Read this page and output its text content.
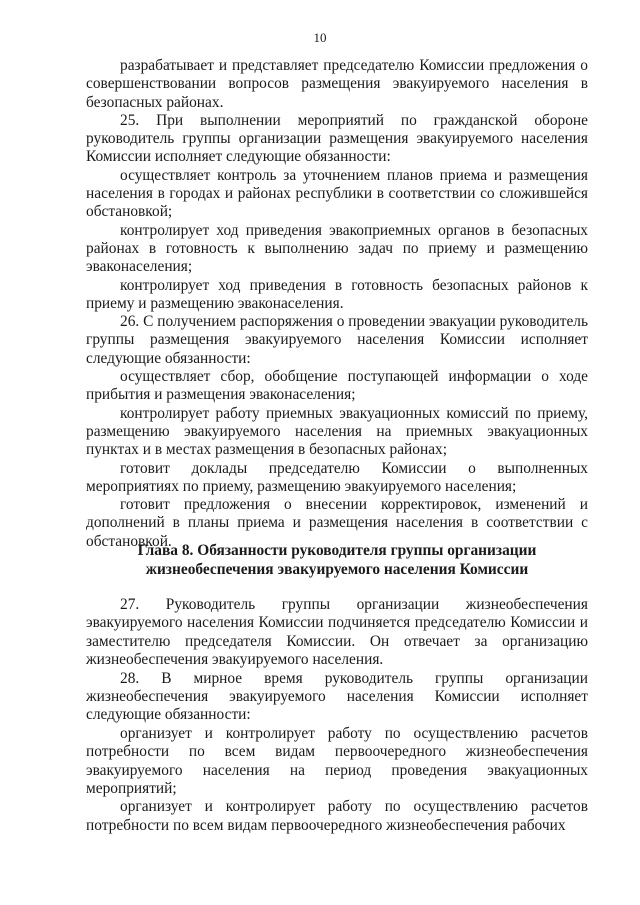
10

разрабатывает и представляет председателю Комиссии предложения о совершенствовании вопросов размещения эвакуируемого населения в безопасных районах.

25. При выполнении мероприятий по гражданской обороне руководитель группы организации размещения эвакуируемого населения Комиссии исполняет следующие обязанности:

осуществляет контроль за уточнением планов приема и размещения населения в городах и районах республики в соответствии со сложившейся обстановкой;

контролирует ход приведения эвакоприемных органов в безопасных районах в готовность к выполнению задач по приему и размещению эваконаселения;

контролирует ход приведения в готовность безопасных районов к приему и размещению эваконаселения.

26. С получением распоряжения о проведении эвакуации руководитель группы размещения эвакуируемого населения Комиссии исполняет следующие обязанности:

осуществляет сбор, обобщение поступающей информации о ходе прибытия и размещения эваконаселения;

контролирует работу приемных эвакуационных комиссий по приему, размещению эвакуируемого населения на приемных эвакуационных пунктах и в местах размещения в безопасных районах;

готовит доклады председателю Комиссии о выполненных мероприятиях по приему, размещению эвакуируемого населения;

готовит предложения о внесении корректировок, изменений и дополнений в планы приема и размещения населения в соответствии с обстановкой.

Глава 8. Обязанности руководителя группы организации
жизнеобеспечения эвакуируемого населения Комиссии

27. Руководитель группы организации жизнеобеспечения эвакуируемого населения Комиссии подчиняется председателю Комиссии и заместителю председателя Комиссии. Он отвечает за организацию жизнеобеспечения эвакуируемого населения.

28. В мирное время руководитель группы организации жизнеобеспечения эвакуируемого населения Комиссии исполняет следующие обязанности:

организует и контролирует работу по осуществлению расчетов потребности по всем видам первоочередного жизнеобеспечения эвакуируемого населения на период проведения эвакуационных мероприятий;

организует и контролирует работу по осуществлению расчетов потребности по всем видам первоочередного жизнеобеспечения рабочих
